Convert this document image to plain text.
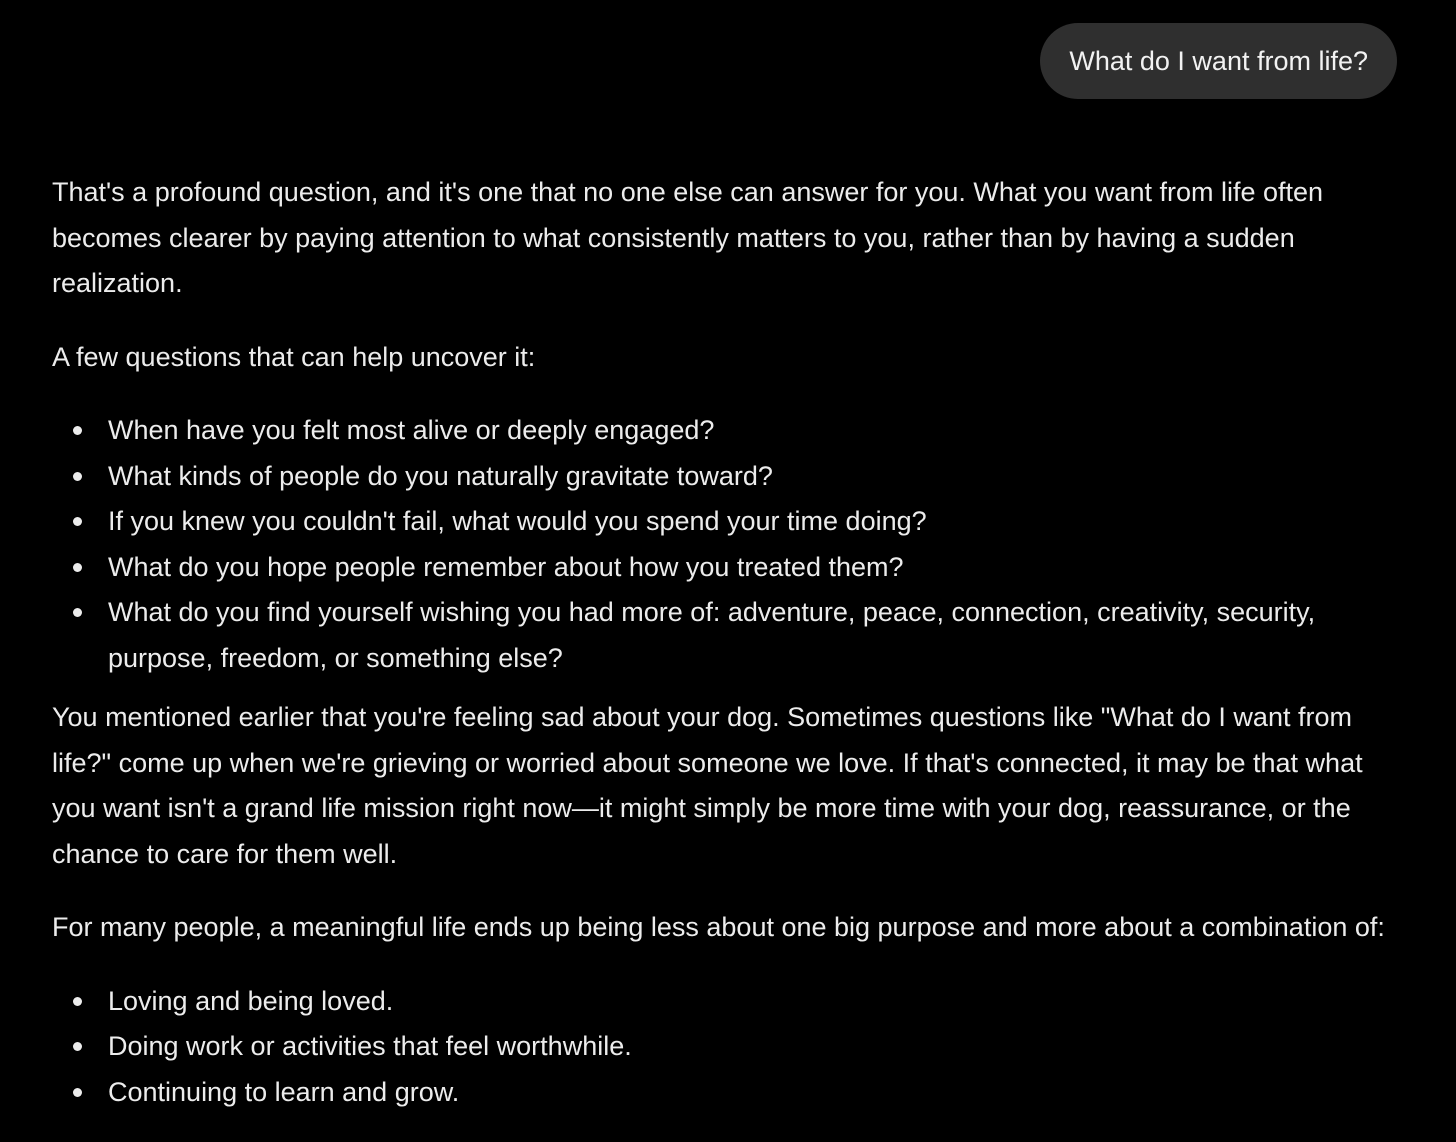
What do I want from life?

That's a profound question, and it's one that no one else can answer for you. What you want from life often becomes clearer by paying attention to what consistently matters to you, rather than by having a sudden realization.

A few questions that can help uncover it:

When have you felt most alive or deeply engaged?
What kinds of people do you naturally gravitate toward?
If you knew you couldn't fail, what would you spend your time doing?
What do you hope people remember about how you treated them?
What do you find yourself wishing you had more of: adventure, peace, connection, creativity, security, purpose, freedom, or something else?

You mentioned earlier that you're feeling sad about your dog. Sometimes questions like "What do I want from life?" come up when we're grieving or worried about someone we love. If that's connected, it may be that what you want isn't a grand life mission right now—it might simply be more time with your dog, reassurance, or the chance to care for them well.

For many people, a meaningful life ends up being less about one big purpose and more about a combination of:

Loving and being loved.
Doing work or activities that feel worthwhile.
Continuing to learn and grow.
